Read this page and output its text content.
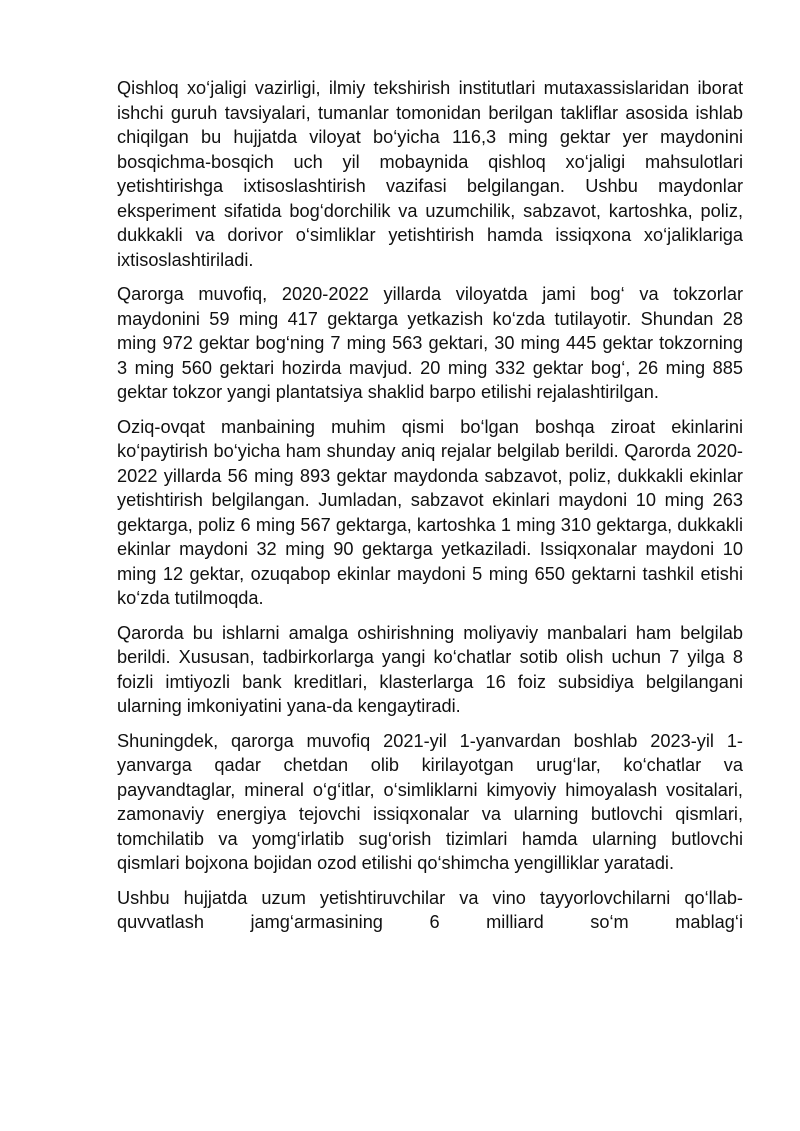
Qishloq xo‘jaligi vazirligi, ilmiy tekshirish institutlari mutaxassislaridan iborat ishchi guruh tavsiyalari, tumanlar tomonidan berilgan takliflar asosida ishlab chiqilgan bu hujjatda viloyat bo‘yicha 116,3 ming gektar yer maydonini bosqichma-bosqich uch yil mobaynida qishloq xo‘jaligi mahsulotlari yetishtirishga ixtisoslashtirish vazifasi belgilangan. Ushbu maydonlar eksperiment sifatida bog‘dorchilik va uzumchilik, sabzavot, kartoshka, poliz, dukkakli va dorivor o‘simliklar yetishtirish hamda issiqxona xo‘jaliklariga ixtisoslashtiriladi.

Qarorga muvofiq, 2020-2022 yillarda viloyatda jami bog‘ va tokzorlar maydonini 59 ming 417 gektarga yetkazish ko‘zda tutilayotir. Shundan 28 ming 972 gektar bog‘ning 7 ming 563 gektari, 30 ming 445 gektar tokzorning 3 ming 560 gektari hozirda mavjud. 20 ming 332 gektar bog‘, 26 ming 885 gektar tokzor yangi plantatsiya shaklid barpo etilishi rejalashtirilgan.

Oziq-ovqat manbaining muhim qismi bo‘lgan boshqa ziroat ekinlarini ko‘paytirish bo‘yicha ham shunday aniq rejalar belgilab berildi. Qarorda 2020-2022 yillarda 56 ming 893 gektar maydonda sabzavot, poliz, dukkakli ekinlar yetishtirish belgilangan. Jumladan, sabzavot ekinlari maydoni 10 ming 263 gektarga, poliz 6 ming 567 gektarga, kartoshka 1 ming 310 gektarga, dukkakli ekinlar maydoni 32 ming 90 gektarga yetkaziladi. Issiqxonalar maydoni 10 ming 12 gektar, ozuqabop ekinlar maydoni 5 ming 650 gektarni tashkil etishi ko‘zda tutilmoqda.

Qarorda bu ishlarni amalga oshirishning moliyaviy manbalari ham belgilab berildi. Xususan, tadbirkorlarga yangi ko‘chatlar sotib olish uchun 7 yilga 8 foizli imtiyozli bank kreditlari, klasterlarga 16 foiz subsidiya belgilangani ularning imkoniyatini yana-da kengaytiradi.

Shuningdek, qarorga muvofiq 2021-yil 1-yanvardan boshlab 2023-yil 1-yanvarga qadar chetdan olib kirilayotgan urug‘lar, ko‘chatlar va payvandtaglar, mineral o‘g‘itlar, o‘simliklarni kimyoviy himoyalash vositalari, zamonaviy energiya tejovchi issiqxonalar va ularning butlovchi qismlari, tomchilatib va yomg‘irlatib sug‘orish tizimlari hamda ularning butlovchi qismlari bojxona bojidan ozod etilishi qo‘shimcha yengilliklar yaratadi.

Ushbu hujjatda uzum yetishtiruvchilar va vino tayyorlovchilarni qo‘llab-quvvatlash jamg‘armasining 6 milliard so‘m mablag‘i
